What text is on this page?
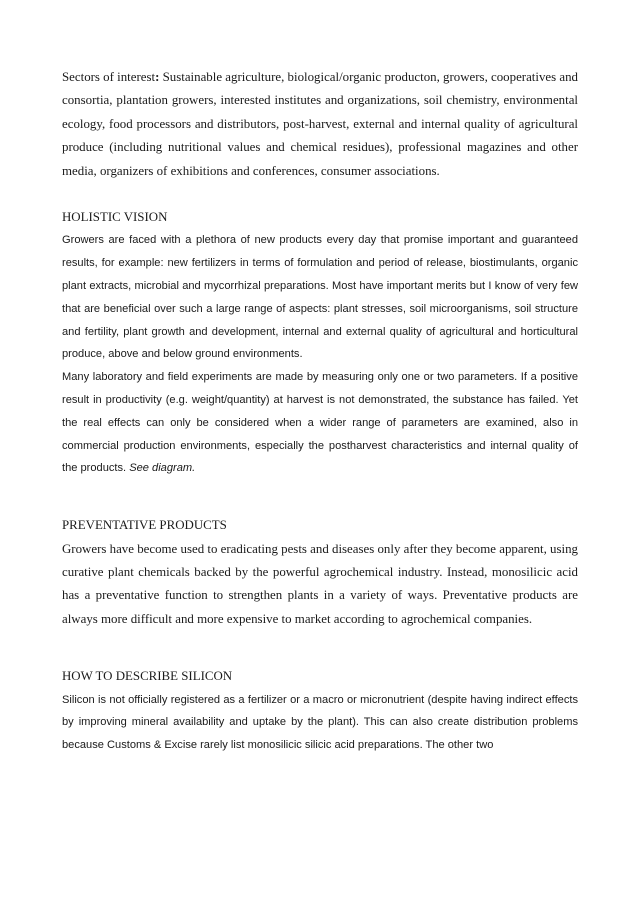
Sectors of interest: Sustainable agriculture, biological/organic producton, growers, cooperatives and consortia, plantation growers, interested institutes and organizations, soil chemistry, environmental ecology, food processors and distributors, post-harvest, external and internal quality of agricultural produce (including nutritional values and chemical residues), professional magazines and other media, organizers of exhibitions and conferences, consumer associations.

HOLISTIC VISION

Growers are faced with a plethora of new products every day that promise important and guaranteed results, for example: new fertilizers in terms of formulation and period of release, biostimulants, organic plant extracts, microbial and mycorrhizal preparations. Most have important merits but I know of very few that are beneficial over such a large range of aspects: plant stresses, soil microorganisms, soil structure and fertility, plant growth and development, internal and external quality of agricultural and horticultural produce, above and below ground environments.

Many laboratory and field experiments are made by measuring only one or two parameters. If a positive result in productivity (e.g. weight/quantity) at harvest is not demonstrated, the substance has failed. Yet the real effects can only be considered when a wider range of parameters are examined, also in commercial production environments, especially the postharvest characteristics and internal quality of the products. See diagram.

PREVENTATIVE PRODUCTS

Growers have become used to eradicating pests and diseases only after they become apparent, using curative plant chemicals backed by the powerful agrochemical industry. Instead, monosilicic acid has a preventative function to strengthen plants in a variety of ways. Preventative products are always more difficult and more expensive to market according to agrochemical companies.

HOW TO DESCRIBE SILICON

Silicon is not officially registered as a fertilizer or a macro or micronutrient (despite having indirect effects by improving mineral availability and uptake by the plant). This can also create distribution problems because Customs & Excise rarely list monosilicic silicic acid preparations. The other two
